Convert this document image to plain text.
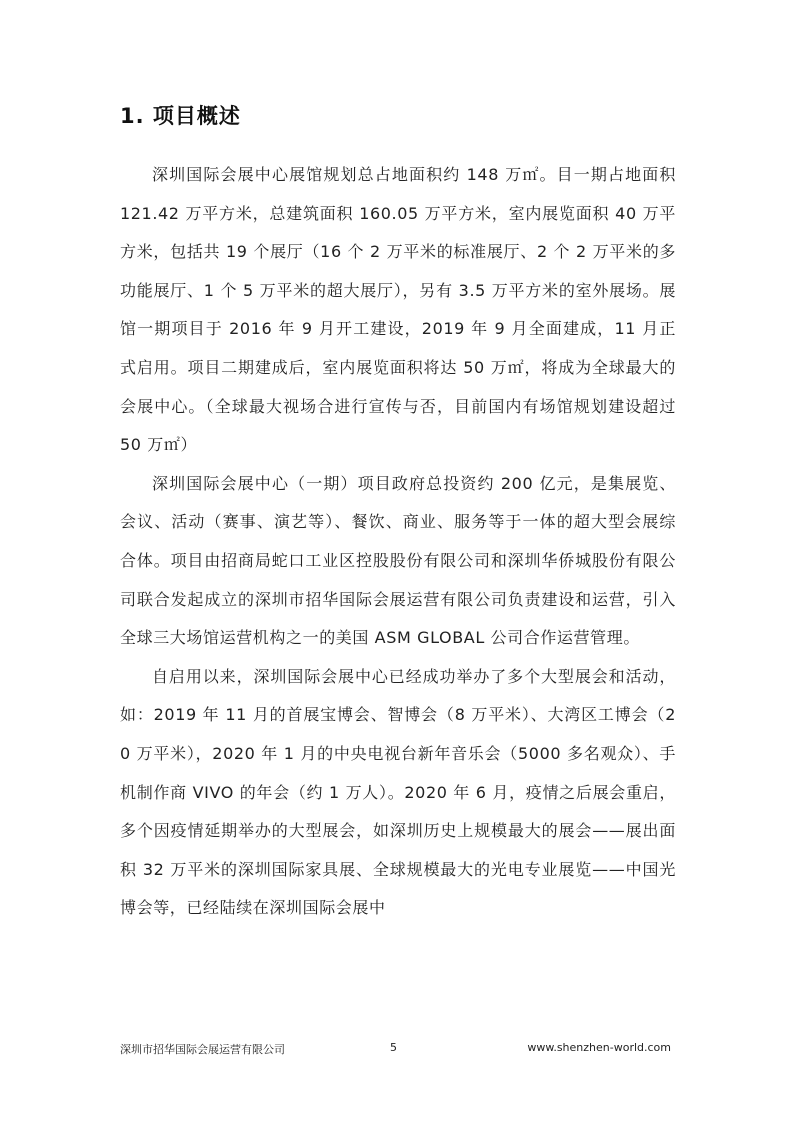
1. 项目概述

深圳国际会展中心展馆规划总占地面积约 148 万㎡。目一期占地面积 121.42 万平方米，总建筑面积 160.05 万平方米，室内展览面积 40 万平方米，包括共 19 个展厅（16 个 2 万平米的标准展厅、2 个 2 万平米的多功能展厅、1 个 5 万平米的超大展厅），另有 3.5 万平方米的室外展场。展馆一期项目于 2016 年 9 月开工建设，2019 年 9 月全面建成，11 月正式启用。项目二期建成后，室内展览面积将达 50 万㎡，将成为全球最大的会展中心。（全球最大视场合进行宣传与否，目前国内有场馆规划建设超过 50 万㎡）

深圳国际会展中心（一期）项目政府总投资约 200 亿元，是集展览、会议、活动（赛事、演艺等）、餐饮、商业、服务等于一体的超大型会展综合体。项目由招商局蛇口工业区控股股份有限公司和深圳华侨城股份有限公司联合发起成立的深圳市招华国际会展运营有限公司负责建设和运营，引入全球三大场馆运营机构之一的美国 ASM GLOBAL 公司合作运营管理。

自启用以来，深圳国际会展中心已经成功举办了多个大型展会和活动，如：2019 年 11 月的首展宝博会、智博会（8 万平米）、大湾区工博会（20 万平米），2020 年 1 月的中央电视台新年音乐会（5000 多名观众）、手机制作商 VIVO 的年会（约 1 万人）。2020 年 6 月，疫情之后展会重启，多个因疫情延期举办的大型展会，如深圳历史上规模最大的展会——展出面积 32 万平米的深圳国际家具展、全球规模最大的光电专业展览——中国光博会等，已经陆续在深圳国际会展中

深圳市招华国际会展运营有限公司	5	www.shenzhen-world.com
